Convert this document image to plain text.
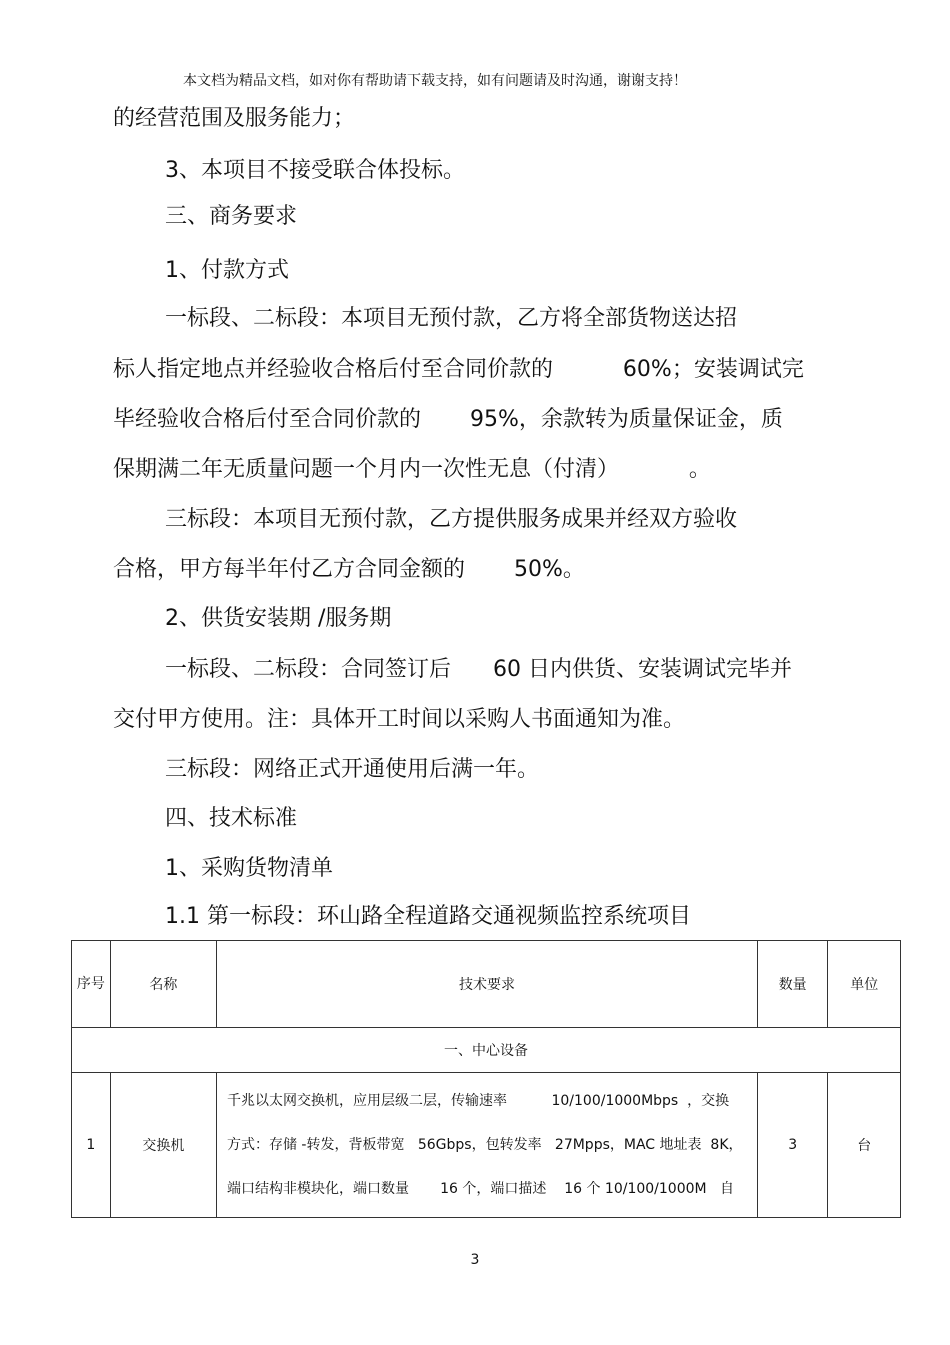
本文档为精品文档，如对你有帮助请下载支持，如有问题请及时沟通，谢谢支持！
的经营范围及服务能力；
3、本项目不接受联合体投标。
三、商务要求
1、付款方式
一标段、二标段：本项目无预付款，乙方将全部货物送达招
标人指定地点并经验收合格后付至合同价款的          60%；安装调试完
毕经验收合格后付至合同价款的       95%，余款转为质量保证金，质
保期满二年无质量问题一个月内一次性无息（付清）          。
三标段：本项目无预付款，乙方提供服务成果并经双方验收
合格，甲方每半年付乙方合同金额的       50%。
2、供货安装期 /服务期
一标段、二标段：合同签订后      60 日内供货、安装调试完毕并
交付甲方使用。注：具体开工时间以采购人书面通知为准。
三标段：网络正式开通使用后满一年。
四、技术标准
1、采购货物清单
1.1 第一标段：环山路全程道路交通视频监控系统项目
序号	名称	技术要求	数量	单位
一、中心设备				
1	交换机	千兆以太网交换机，应用层级二层，传输速率          10/100/1000Mbps  ，交换
方式：存储 -转发，背板带宽   56Gbps，包转发率   27Mpps，MAC 地址表  8K，
端口结构非模块化，端口数量       16 个，端口描述    16 个 10/100/1000M   自	3	台
3
